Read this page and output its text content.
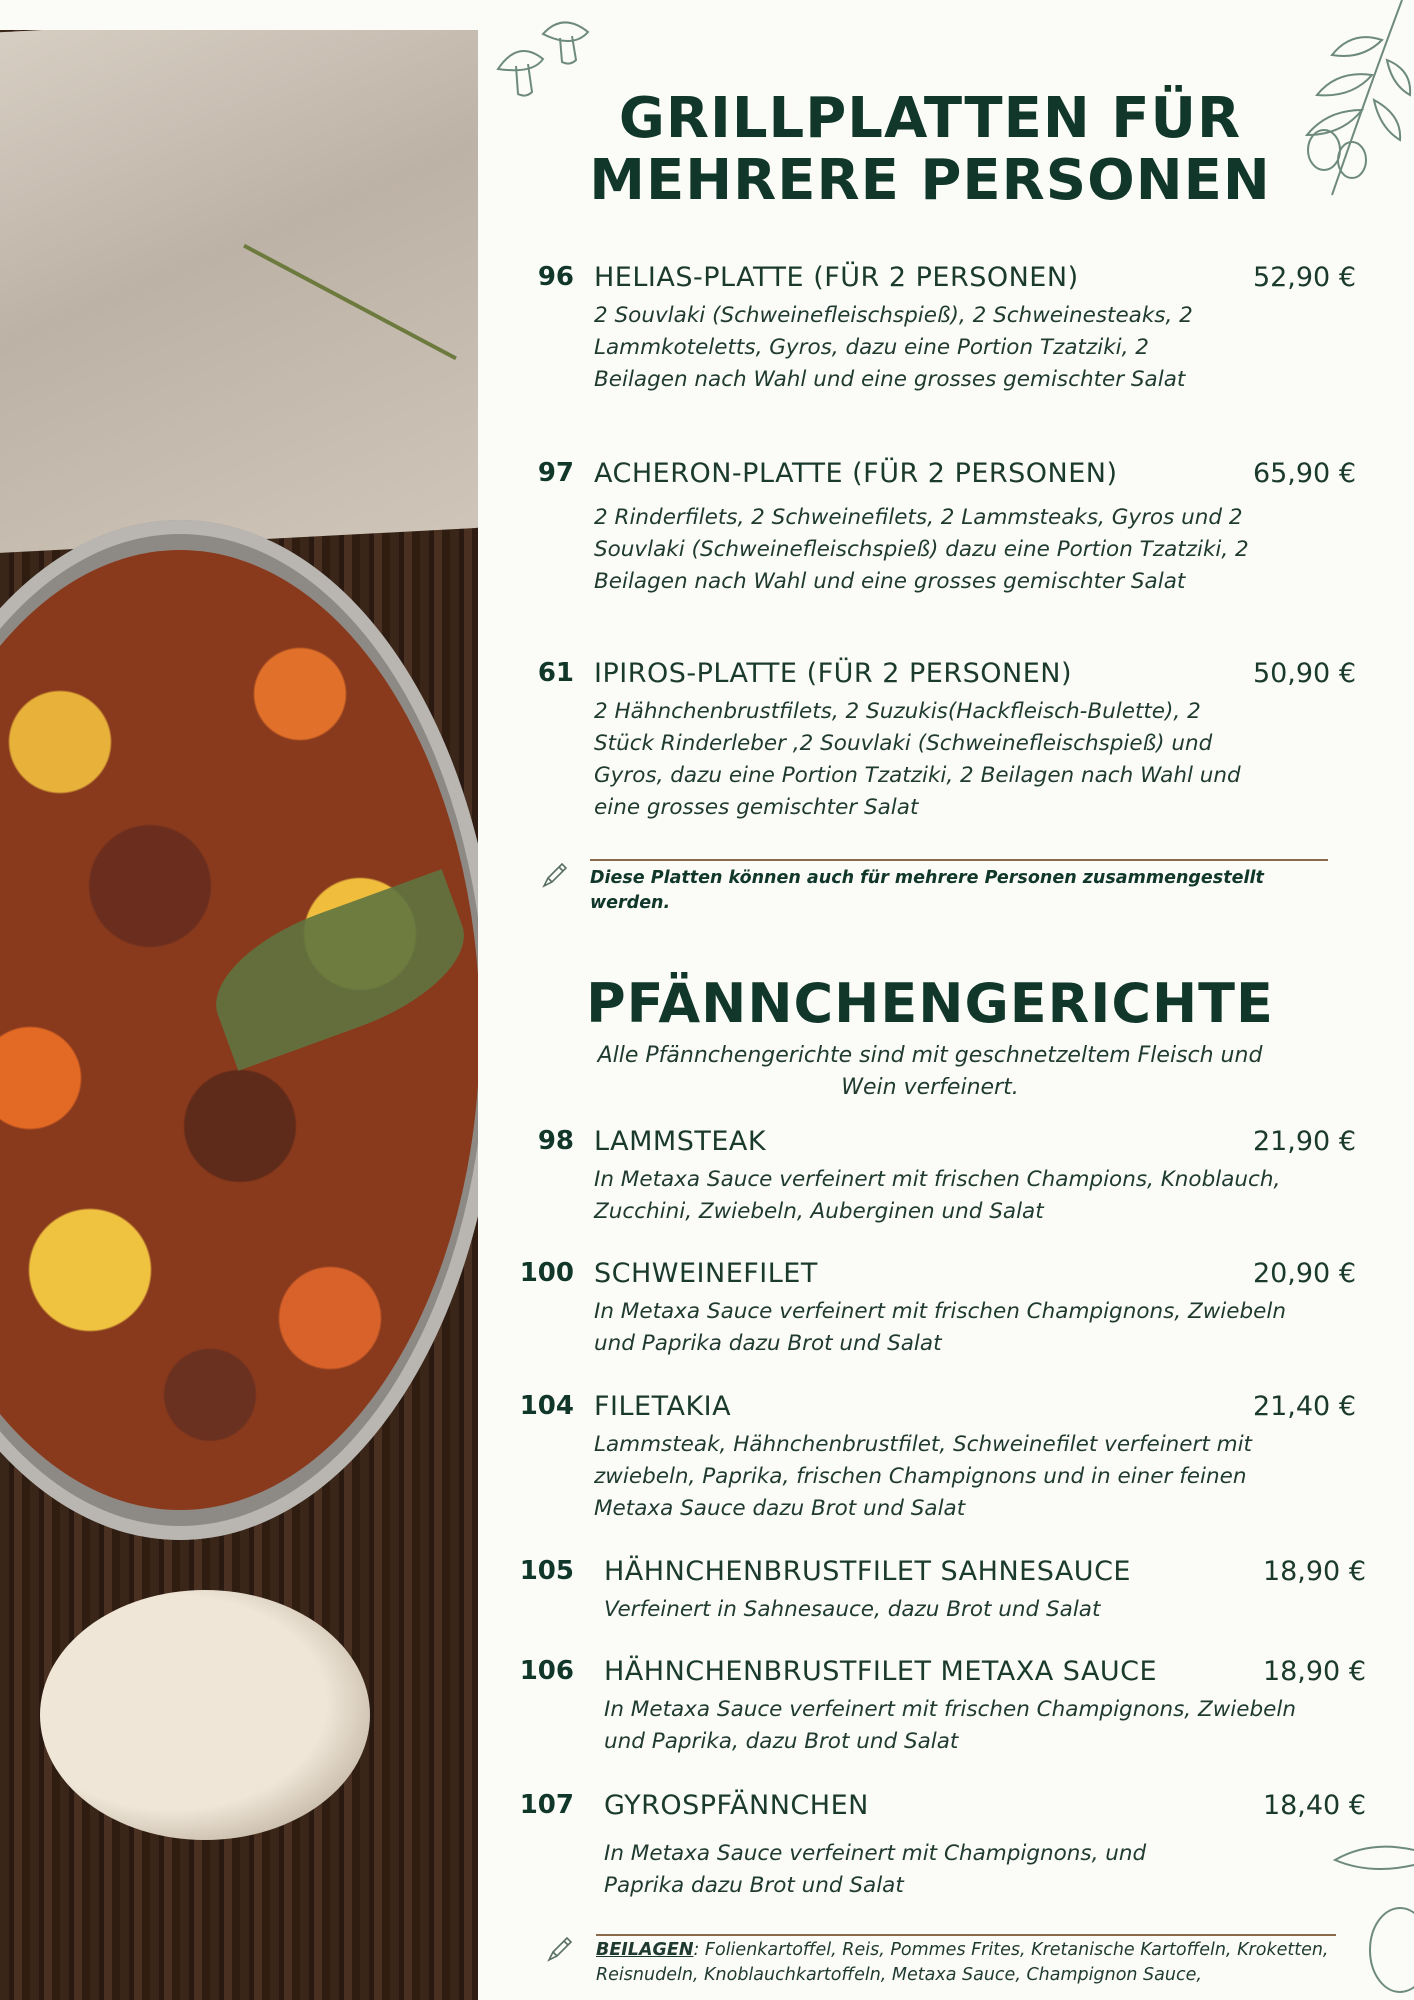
GRILLPLATTEN FÜR
MEHRERE PERSONEN
96 HELIAS-PLATTE (FÜR 2 PERSONEN)	52,90 €
2 Souvlaki (Schweinefleischspieß), 2 Schweinesteaks, 2 Lammkoteletts, Gyros, dazu eine Portion Tzatziki, 2 Beilagen nach Wahl und eine grosses gemischter Salat
97 ACHERON-PLATTE (FÜR 2 PERSONEN)	65,90 €
2 Rinderfilets, 2 Schweinefilets, 2 Lammsteaks, Gyros und 2 Souvlaki (Schweinefleischspieß) dazu eine Portion Tzatziki, 2 Beilagen nach Wahl und eine grosses gemischter Salat
61 IPIROS-PLATTE (FÜR 2 PERSONEN)	50,90 €
2 Hähnchenbrustfilets, 2 Suzukis(Hackfleisch-Bulette), 2 Stück Rinderleber ,2 Souvlaki (Schweinefleischspieß) und Gyros, dazu eine Portion Tzatziki, 2 Beilagen nach Wahl und eine grosses gemischter Salat
Diese Platten können auch für mehrere Personen zusammengestellt werden.
PFÄNNCHENGERICHTE
Alle Pfännchengerichte sind mit geschnetzeltem Fleisch und Wein verfeinert.
98 LAMMSTEAK	21,90 €
In Metaxa Sauce verfeinert mit frischen Champions, Knoblauch, Zucchini, Zwiebeln, Auberginen und Salat
100 SCHWEINEFILET	20,90 €
In Metaxa Sauce verfeinert mit frischen Champignons, Zwiebeln und Paprika dazu Brot und Salat
104 FILETAKIA	21,40 €
Lammsteak, Hähnchenbrustfilet, Schweinefilet verfeinert mit zwiebeln, Paprika, frischen Champignons und in einer feinen Metaxa Sauce dazu Brot und Salat
105 HÄHNCHENBRUSTFILET SAHNESAUCE	18,90 €
Verfeinert in Sahnesauce, dazu Brot und Salat
106 HÄHNCHENBRUSTFILET METAXA SAUCE	18,90 €
In Metaxa Sauce verfeinert mit frischen Champignons, Zwiebeln und Paprika, dazu Brot und Salat
107 GYROSPFÄNNCHEN	18,40 €
In Metaxa Sauce verfeinert mit Champignons, und Paprika dazu Brot und Salat
BEILAGEN: Folienkartoffel, Reis, Pommes Frites, Kretanische Kartoffeln, Kroketten, Reisnudeln, Knoblauchkartoffeln, Metaxa Sauce, Champignon Sauce,
